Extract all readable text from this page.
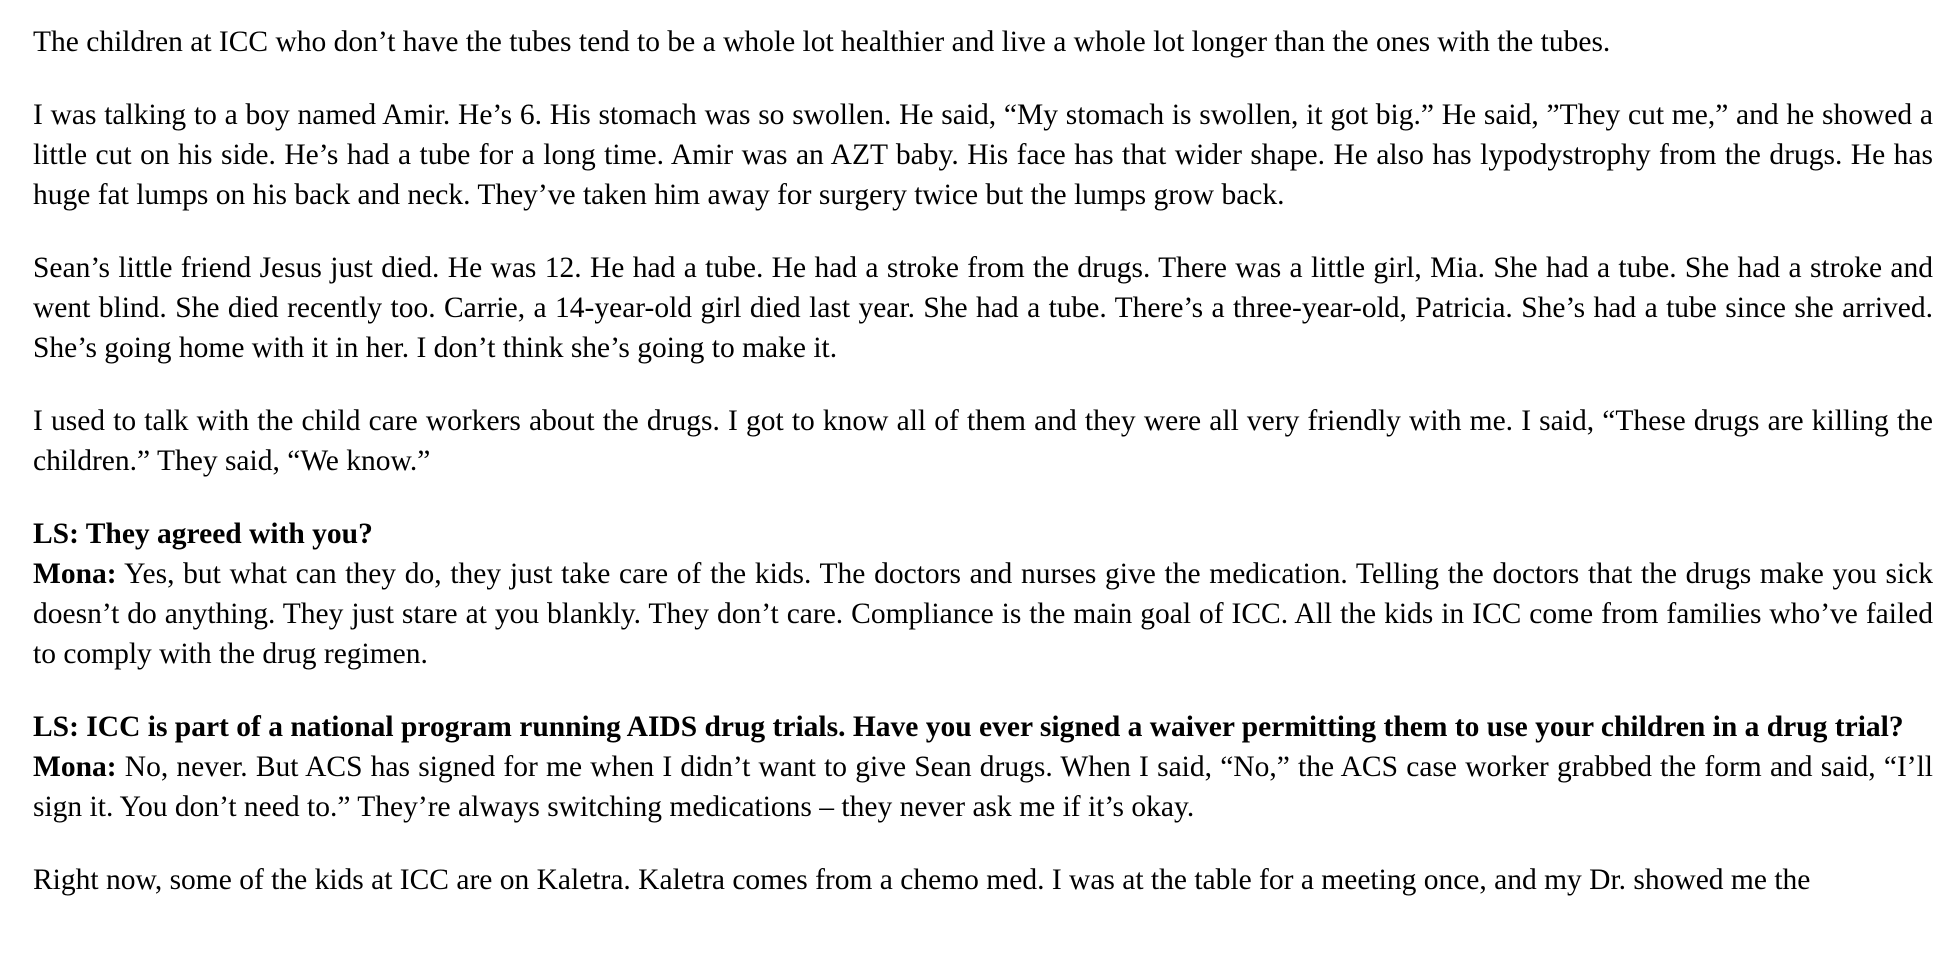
The children at ICC who don’t have the tubes tend to be a whole lot healthier and live a whole lot longer than the ones with the tubes.

I was talking to a boy named Amir. He’s 6. His stomach was so swollen. He said, “My stomach is swollen, it got big.” He said, ”They cut me,” and he showed a little cut on his side. He’s had a tube for a long time. Amir was an AZT baby. His face has that wider shape. He also has lypodystrophy from the drugs. He has huge fat lumps on his back and neck. They’ve taken him away for surgery twice but the lumps grow back.

Sean’s little friend Jesus just died. He was 12. He had a tube. He had a stroke from the drugs. There was a little girl, Mia. She had a tube. She had a stroke and went blind. She died recently too. Carrie, a 14-year-old girl died last year. She had a tube. There’s a three-year-old, Patricia. She’s had a tube since she arrived. She’s going home with it in her. I don’t think she’s going to make it.

I used to talk with the child care workers about the drugs. I got to know all of them and they were all very friendly with me. I said, “These drugs are killing the children.” They said, “We know.”

LS: They agreed with you?

Mona: Yes, but what can they do, they just take care of the kids. The doctors and nurses give the medication. Telling the doctors that the drugs make you sick doesn’t do anything. They just stare at you blankly. They don’t care. Compliance is the main goal of ICC. All the kids in ICC come from families who’ve failed to comply with the drug regimen.

LS: ICC is part of a national program running AIDS drug trials. Have you ever signed a waiver permitting them to use your children in a drug trial?

Mona: No, never. But ACS has signed for me when I didn’t want to give Sean drugs. When I said, “No,” the ACS case worker grabbed the form and said, “I’ll sign it. You don’t need to.” They’re always switching medications – they never ask me if it’s okay.

Right now, some of the kids at ICC are on Kaletra. Kaletra comes from a chemo med. I was at the table for a meeting once, and my Dr. showed me the
